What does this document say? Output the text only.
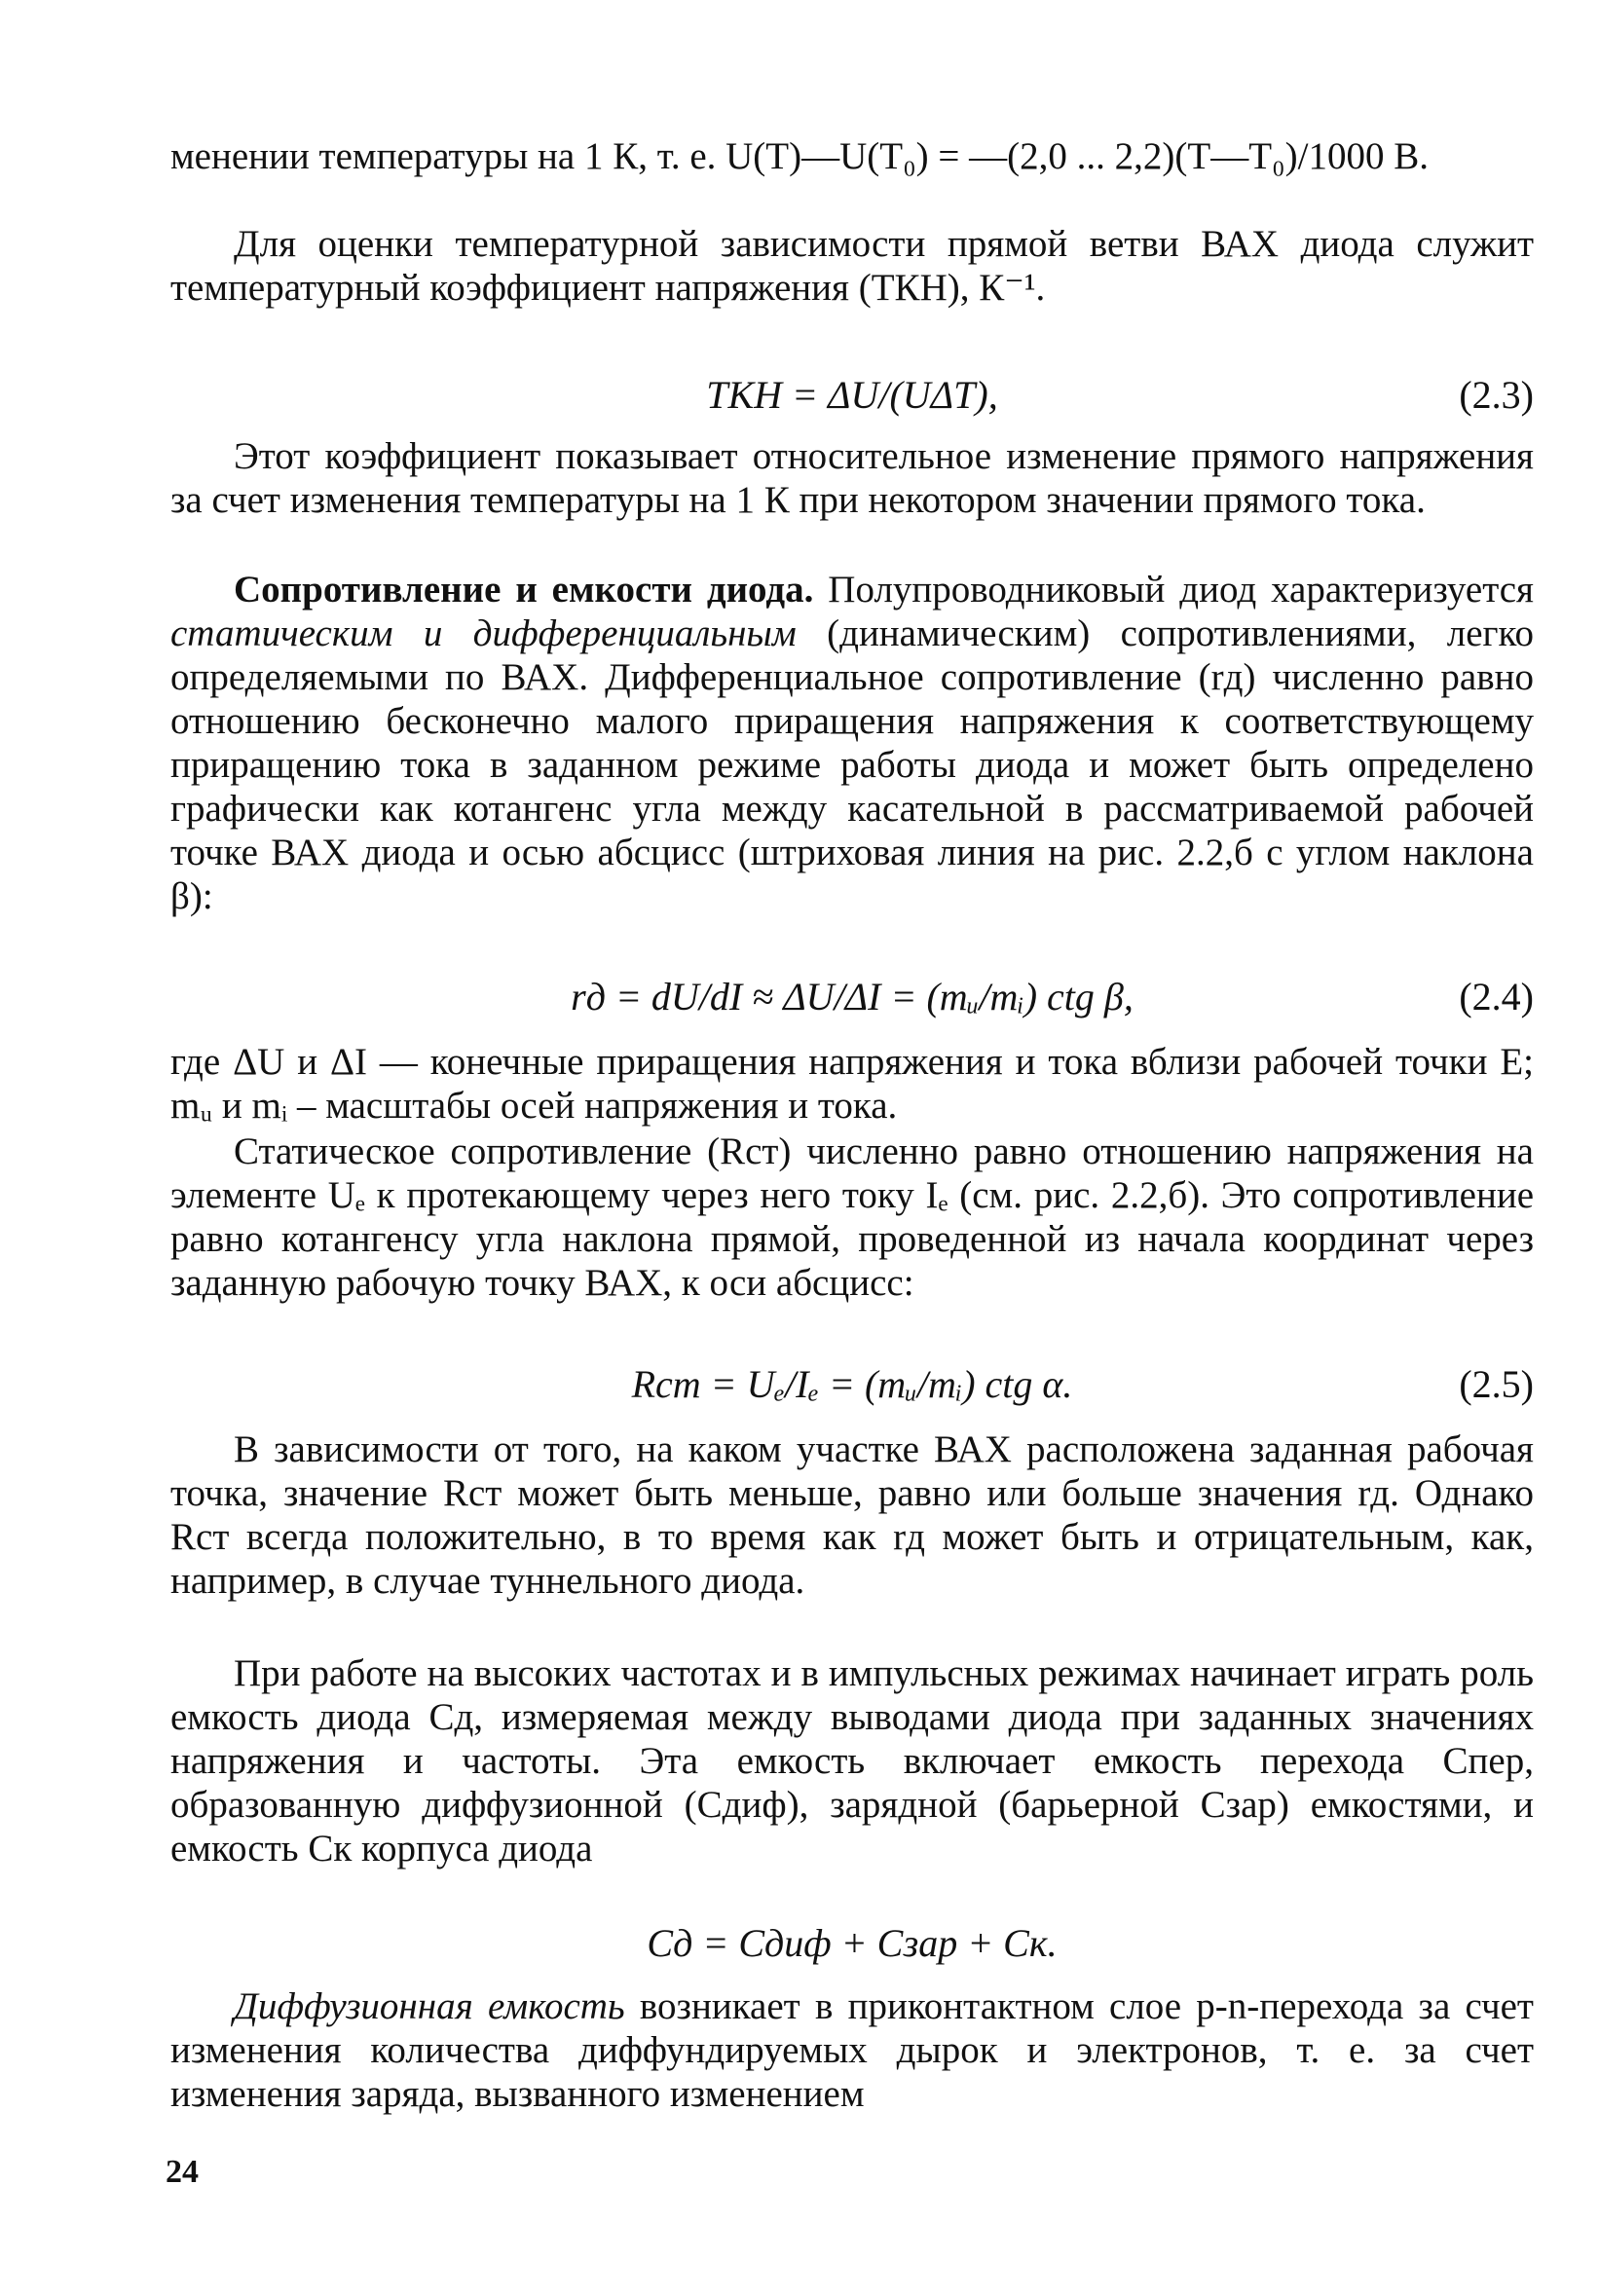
менении температуры на 1 К, т. е. U(T)—U(T₀) = —(2,0 ... 2,2)(T—T₀)/1000 В.
Для оценки температурной зависимости прямой ветви ВАХ диода служит температурный коэффициент напряжения (ТКН), К⁻¹.
ТКН = ΔU/(UΔT),	(2.3)
Этот коэффициент показывает относительное изменение прямого напряжения за счет изменения температуры на 1 К при некотором значении прямого тока.
Сопротивление и емкости диода. Полупроводниковый диод характеризуется статическим и дифференциальным (динамическим) сопротивлениями, легко определяемыми по ВАХ. Дифференциальное сопротивление (rд) численно равно отношению бесконечно малого приращения напряжения к соответствующему приращению тока в заданном режиме работы диода и может быть определено графически как котангенс угла между касательной в рассматриваемой рабочей точке ВАХ диода и осью абсцисс (штриховая линия на рис. 2.2,б с углом наклона β):
rд = dU/dI ≈ ΔU/ΔI = (mᵤ/mᵢ) ctg β,	(2.4)
где ΔU и ΔI — конечные приращения напряжения и тока вблизи рабочей точки E; mᵤ и mᵢ – масштабы осей напряжения и тока.
Статическое сопротивление (Rст) численно равно отношению напряжения на элементе Uₑ к протекающему через него току Iₑ (см. рис. 2.2,б). Это сопротивление равно котангенсу угла наклона прямой, проведенной из начала координат через заданную рабочую точку ВАХ, к оси абсцисс:
Rст = Uₑ/Iₑ = (mᵤ/mᵢ) ctg α.	(2.5)
В зависимости от того, на каком участке ВАХ расположена заданная рабочая точка, значение Rст может быть меньше, равно или больше значения rд. Однако Rст всегда положительно, в то время как rд может быть и отрицательным, как, например, в случае туннельного диода.
При работе на высоких частотах и в импульсных режимах начинает играть роль емкость диода Сд, измеряемая между выводами диода при заданных значениях напряжения и частоты. Эта емкость включает емкость перехода Спер, образованную диффузионной (Сдиф), зарядной (барьерной Сзар) емкостями, и емкость Ск корпуса диода
Сд = Сдиф + Сзар + Ск.
Диффузионная емкость возникает в приконтактном слое p-n-перехода за счет изменения количества диффундируемых дырок и электронов, т. е. за счет изменения заряда, вызванного изменением
24
